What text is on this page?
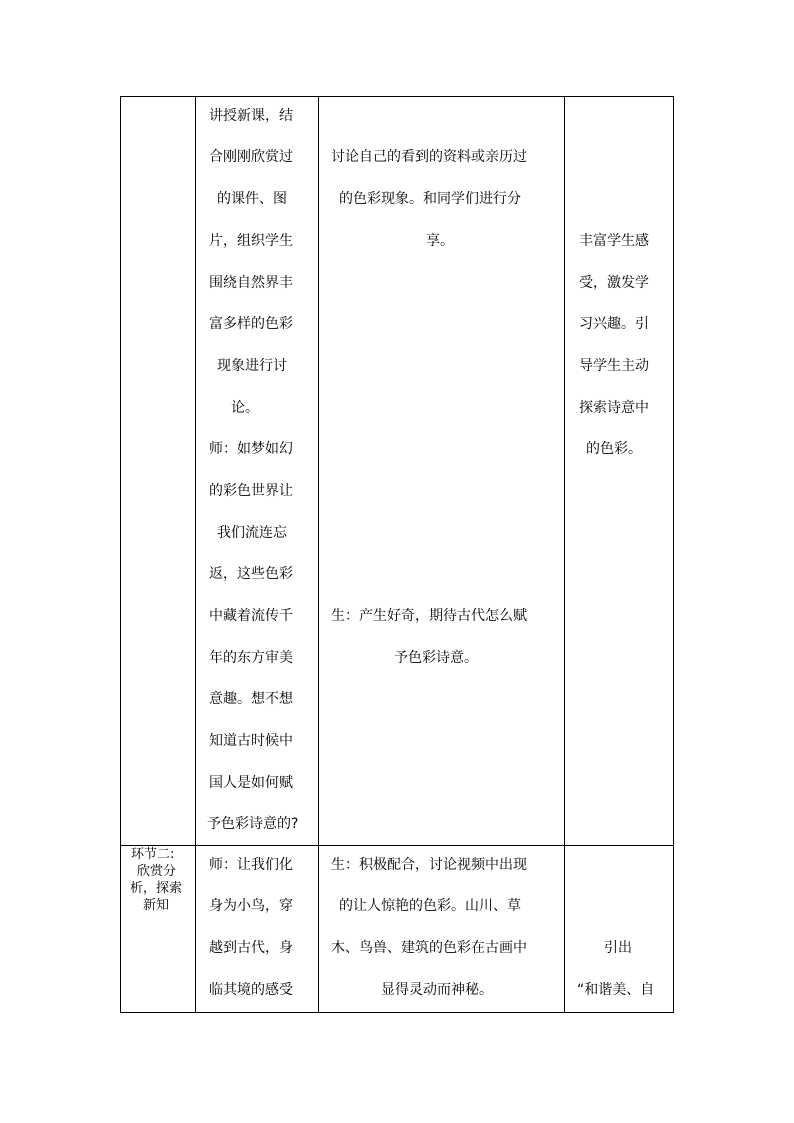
讲授新课，结
合刚刚欣赏过
的课件、图
片，组织学生
围绕自然界丰
富多样的色彩
现象进行讨
论。
师：如梦如幻
的彩色世界让
我们流连忘
返，这些色彩
中藏着流传千
年的东方审美
意趣。想不想
知道古时候中
国人是如何赋
予色彩诗意的?
讨论自己的看到的资料或亲历过
的色彩现象。和同学们进行分
享。
生：产生好奇，期待古代怎么赋
予色彩诗意。
丰富学生感
受，激发学
习兴趣。引
导学生主动
探索诗意中
的色彩。
环节二:
欣赏分
析，探索
新知
师：让我们化
身为小鸟，穿
越到古代，身
临其境的感受
生：积极配合，讨论视频中出现
的让人惊艳的色彩。山川、草
木、鸟兽、建筑的色彩在古画中
显得灵动而神秘。
引出
“和谐美、自
